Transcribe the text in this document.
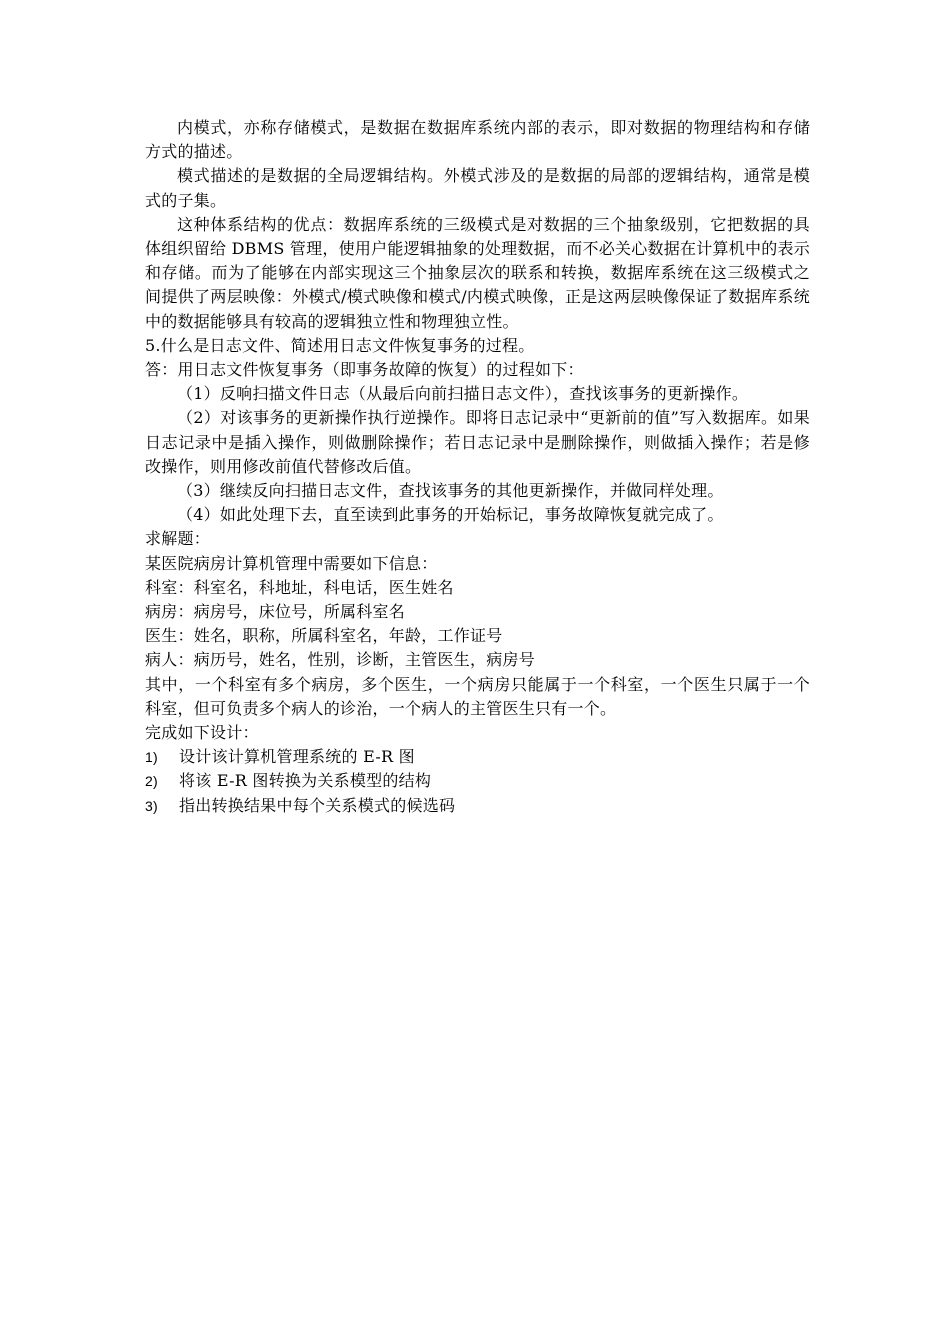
内模式，亦称存储模式，是数据在数据库系统内部的表示，即对数据的物理结构和存储方式的描述。

模式描述的是数据的全局逻辑结构。外模式涉及的是数据的局部的逻辑结构，通常是模式的子集。

这种体系结构的优点：数据库系统的三级模式是对数据的三个抽象级别，它把数据的具体组织留给 DBMS 管理，使用户能逻辑抽象的处理数据，而不必关心数据在计算机中的表示和存储。而为了能够在内部实现这三个抽象层次的联系和转换，数据库系统在这三级模式之间提供了两层映像：外模式/模式映像和模式/内模式映像，正是这两层映像保证了数据库系统中的数据能够具有较高的逻辑独立性和物理独立性。

5.什么是日志文件、简述用日志文件恢复事务的过程。

答：用日志文件恢复事务（即事务故障的恢复）的过程如下：

（1）反响扫描文件日志（从最后向前扫描日志文件），查找该事务的更新操作。

（2）对该事务的更新操作执行逆操作。即将日志记录中“更新前的值”写入数据库。如果日志记录中是插入操作，则做删除操作；若日志记录中是删除操作，则做插入操作；若是修改操作，则用修改前值代替修改后值。

（3）继续反向扫描日志文件，查找该事务的其他更新操作，并做同样处理。

（4）如此处理下去，直至读到此事务的开始标记，事务故障恢复就完成了。

求解题：

某医院病房计算机管理中需要如下信息：

科室：科室名，科地址，科电话，医生姓名

病房：病房号，床位号，所属科室名

医生：姓名，职称，所属科室名，年龄，工作证号

病人：病历号，姓名，性别，诊断，主管医生，病房号

其中，一个科室有多个病房，多个医生，一个病房只能属于一个科室，一个医生只属于一个科室，但可负责多个病人的诊治，一个病人的主管医生只有一个。

完成如下设计：

1)	设计该计算机管理系统的 E-R 图
2)	将该 E-R 图转换为关系模型的结构
3)	指出转换结果中每个关系模式的候选码
